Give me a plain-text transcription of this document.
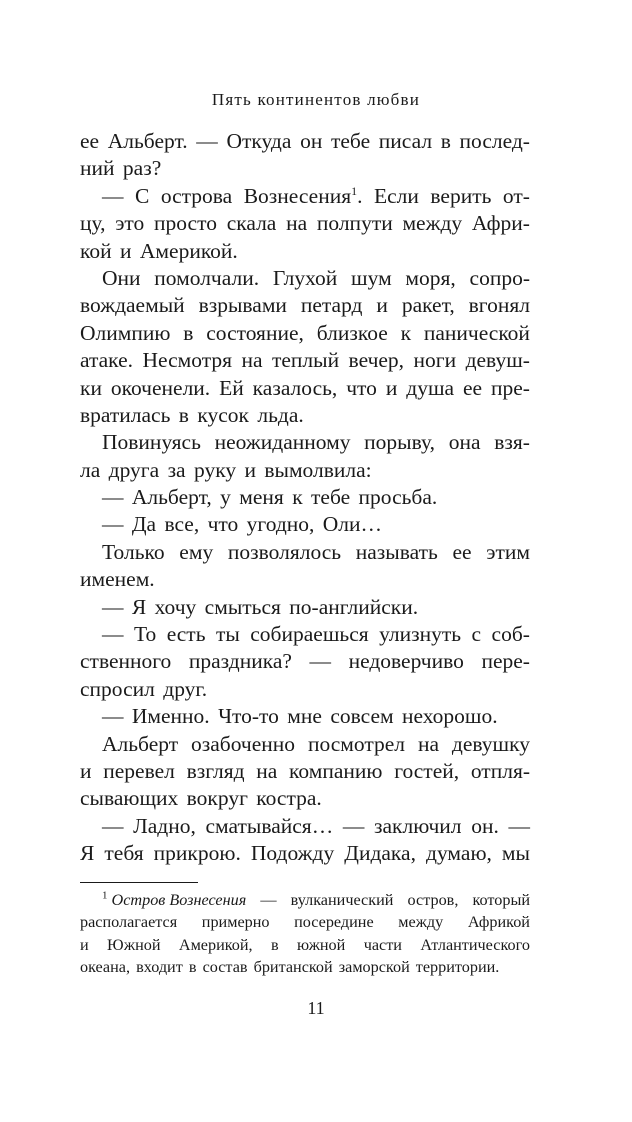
Пять континентов любви
ее Альберт. — Откуда он тебе писал в послед-
ний
раз?
— С острова Вознесения$^1$. Если верить от-
цу, это просто скала на полпути между Афри-
кой
и
Америкой.
Они помолчали. Глухой шум моря, сопро-
вождаемый взрывами петард и ракет, вгонял
Олимпию в состояние, близкое к панической
атаке. Несмотря на теплый вечер, ноги девуш-
ки окоченели. Ей казалось, что и душа ее пре-
вратилась
в
кусок
льда.
Повинуясь неожиданному порыву, она взя-
ла
друга
за
руку
и
вымолвила:
—
Альберт,
у
меня
к
тебе
просьба.
—
Да
все,
что
угодно,
Оли…
Только ему позволялось называть ее этим
именем.
—
Я
хочу
смыться
по-английски.
— То есть ты собираешься улизнуть с соб-
ственного праздника? — недоверчиво пере-
спросил
друг.
—
Именно.
Что-то
мне
совсем
нехорошо.
Альберт озабоченно посмотрел на девушку
и перевел взгляд на компанию гостей, отпля-
сывающих
вокруг
костра.
— Ладно, сматывайся… — заключил он. —
Я тебя прикрою. Подожду Дидака, думаю, мы
$^1$ Остров Вознесения — вулканический остров, который
располагается примерно посередине между Африкой
и Южной Америкой, в южной части Атлантического
океана,
входит
в
состав
британской
заморской
территории.
11
